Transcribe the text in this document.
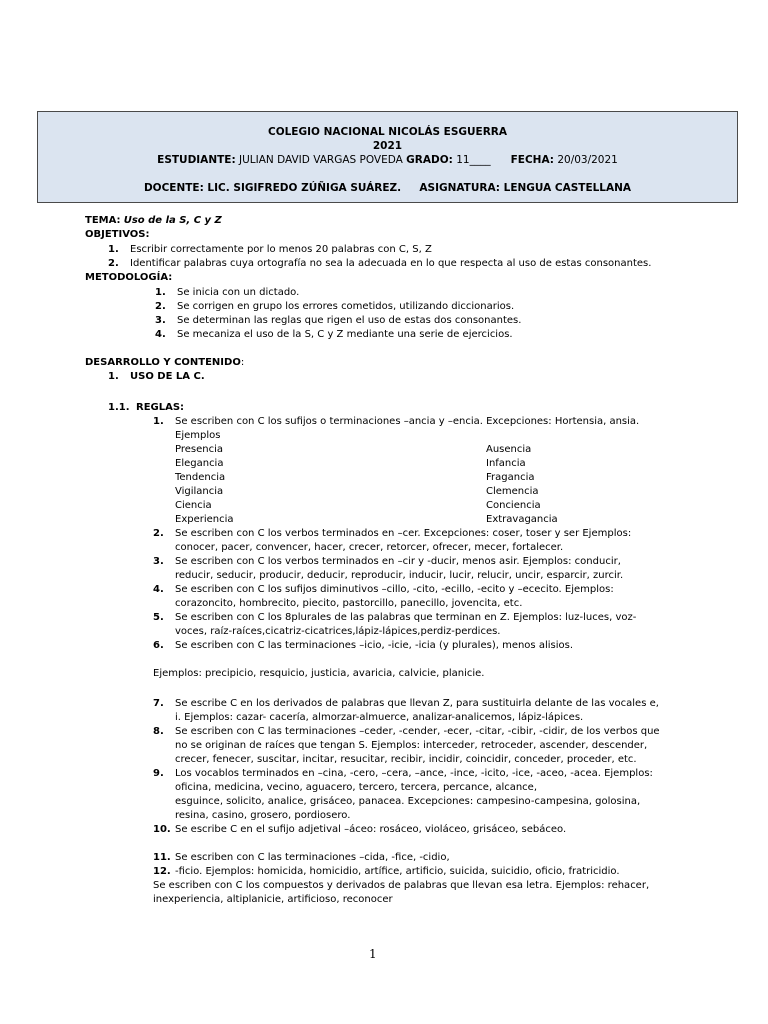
COLEGIO NACIONAL NICOLÁS ESGUERRA
2021
ESTUDIANTE: JULIAN DAVID VARGAS POVEDA GRADO: 11____ FECHA: 20/03/2021
DOCENTE: LIC. SIGIFREDO ZÚÑIGA SUÁREZ. ASIGNATURA: LENGUA CASTELLANA
TEMA: Uso de la S, C y Z
OBJETIVOS:
1. Escribir correctamente por lo menos 20 palabras con C, S, Z
2. Identificar palabras cuya ortografía no sea la adecuada en lo que respecta al uso de estas consonantes.
METODOLOGÍA:
1. Se inicia con un dictado.
2. Se corrigen en grupo los errores cometidos, utilizando diccionarios.
3. Se determinan las reglas que rigen el uso de estas dos consonantes.
4. Se mecaniza el uso de la S, C y Z mediante una serie de ejercicios.
DESARROLLO Y CONTENIDO:
1. USO DE LA C.
1.1. REGLAS:
1. Se escriben con C los sufijos o terminaciones –ancia y –encia. Excepciones: Hortensia, ansia.
Ejemplos
Presencia
Elegancia
Tendencia
Vigilancia
Ciencia
Experiencia
Ausencia
Infancia
Fragancia
Clemencia
Conciencia
Extravagancia
2. Se escriben con C los verbos terminados en –cer. Excepciones: coser, toser y ser Ejemplos:
conocer, pacer, convencer, hacer, crecer, retorcer, ofrecer, mecer, fortalecer.
3. Se escriben con C los verbos terminados en –cir y -ducir, menos asir. Ejemplos: conducir,
reducir, seducir, producir, deducir, reproducir, inducir, lucir, relucir, uncir, esparcir, zurcir.
4. Se escriben con C los sufijos diminutivos –cillo, -cito, -ecillo, -ecito y –ececito. Ejemplos:
corazoncito, hombrecito, piecito, pastorcillo, panecillo, jovencita, etc.
5. Se escriben con C los 8plurales de las palabras que terminan en Z. Ejemplos: luz-luces, voz-
voces, raíz-raíces,cicatriz-cicatrices,lápiz-lápices,perdiz-perdices.
6. Se escriben con C las terminaciones –icio, -icie, -icia (y plurales), menos alisios.
Ejemplos: precipicio, resquicio, justicia, avaricia, calvicie, planicie.
7. Se escribe C en los derivados de palabras que llevan Z, para sustituirla delante de las vocales e,
i. Ejemplos: cazar- cacería, almorzar-almuerce, analizar-analicemos, lápiz-lápices.
8. Se escriben con C las terminaciones –ceder, -cender, -ecer, -citar, -cibir, -cidir, de los verbos que
no se originan de raíces que tengan S. Ejemplos: interceder, retroceder, ascender, descender,
crecer, fenecer, suscitar, incitar, resucitar, recibir, incidir, coincidir, conceder, proceder, etc.
9. Los vocablos terminados en –cina, -cero, –cera, –ance, -ince, -icito, -ice, -aceo, -acea. Ejemplos:
oficina, medicina, vecino, aguacero, tercero, tercera, percance, alcance,
esguince, solicito, analice, grisáceo, panacea. Excepciones: campesino-campesina, golosina,
resina, casino, grosero, pordiosero.
10. Se escribe C en el sufijo adjetival –áceo: rosáceo, violáceo, grisáceo, sebáceo.
11. Se escriben con C las terminaciones –cida, -fice, -cidio,
12. -ficio. Ejemplos: homicida, homicidio, artífice, artificio, suicida, suicidio, oficio, fratricidio.
Se escriben con C los compuestos y derivados de palabras que llevan esa letra. Ejemplos: rehacer,
inexperiencia, altiplanicie, artificioso, reconocer
1
